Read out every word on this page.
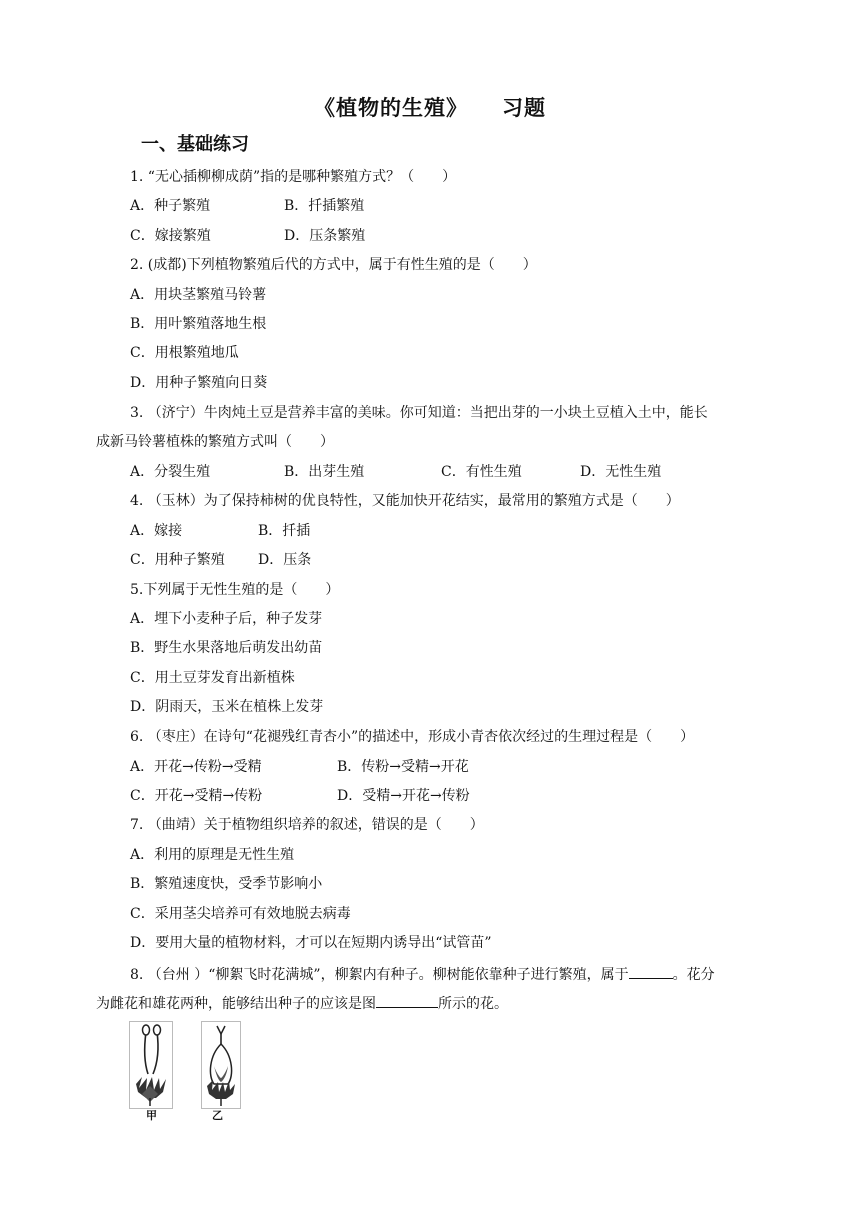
《植物的生殖》 习题
一、基础练习
1. “无心插柳柳成荫”指的是哪种繁殖方式？（　　）
A．种子繁殖	B．扦插繁殖
C．嫁接繁殖	D．压条繁殖
2. (成都)下列植物繁殖后代的方式中，属于有性生殖的是（　　）
A．用块茎繁殖马铃薯
B．用叶繁殖落地生根
C．用根繁殖地瓜
D．用种子繁殖向日葵
3. （济宁）牛肉炖土豆是营养丰富的美味。你可知道：当把出芽的一小块土豆植入土中，能长
成新马铃薯植株的繁殖方式叫（　　）
A．分裂生殖	B．出芽生殖	C．有性生殖	D．无性生殖
4. （玉林）为了保持柿树的优良特性，又能加快开花结实，最常用的繁殖方式是（　　）
A．嫁接	B．扦插
C．用种子繁殖 D．压条
5.下列属于无性生殖的是（　　）
A．埋下小麦种子后，种子发芽
B．野生水果落地后萌发出幼苗
C．用土豆芽发育出新植株
D．阴雨天，玉米在植株上发芽
6. （枣庄）在诗句“花褪残红青杏小”的描述中，形成小青杏依次经过的生理过程是（　　）
A．开花→传粉→受精	B．传粉→受精→开花
C．开花→受精→传粉	D．受精→开花→传粉
7. （曲靖）关于植物组织培养的叙述，错误的是（　　）
A．利用的原理是无性生殖
B．繁殖速度快，受季节影响小
C．采用茎尖培养可有效地脱去病毒
D．要用大量的植物材料，才可以在短期内诱导出“试管苗”
8. （台州 ）“柳絮飞时花满城”，柳絮内有种子。柳树能依靠种子进行繁殖，属于	。花分
为雌花和雄花两种，能够结出种子的应该是图	所示的花。
甲	乙
